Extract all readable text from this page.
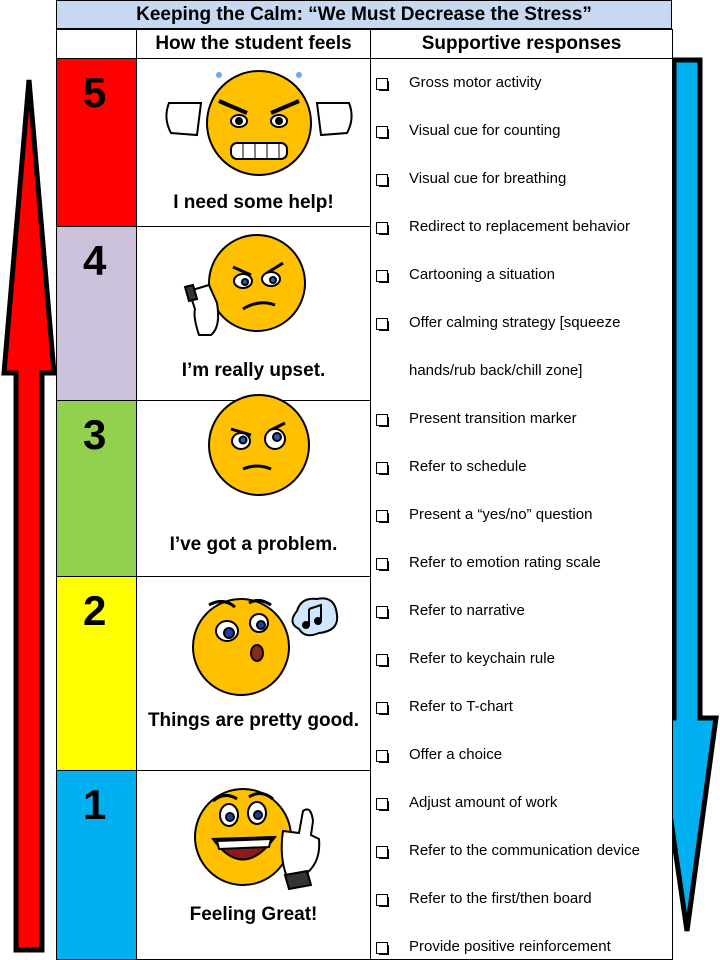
Keeping the Calm: “We Must Decrease the Stress”
How the student feels	Supportive responses
5
4
3
2
1
I need some help!
I’m really upset.
I’ve got a problem.
Things are pretty good.
Feeling Great!
Gross motor activity
Visual cue for counting
Visual cue for breathing
Redirect to replacement behavior
Cartooning a situation
Offer calming strategy [squeeze
hands/rub back/chill zone]
Present transition marker
Refer to schedule
Present a “yes/no” question
Refer to emotion rating scale
Refer to narrative
Refer to keychain rule
Refer to T-chart
Offer a choice
Adjust amount of work
Refer to the communication device
Refer to the first/then board
Provide positive reinforcement
